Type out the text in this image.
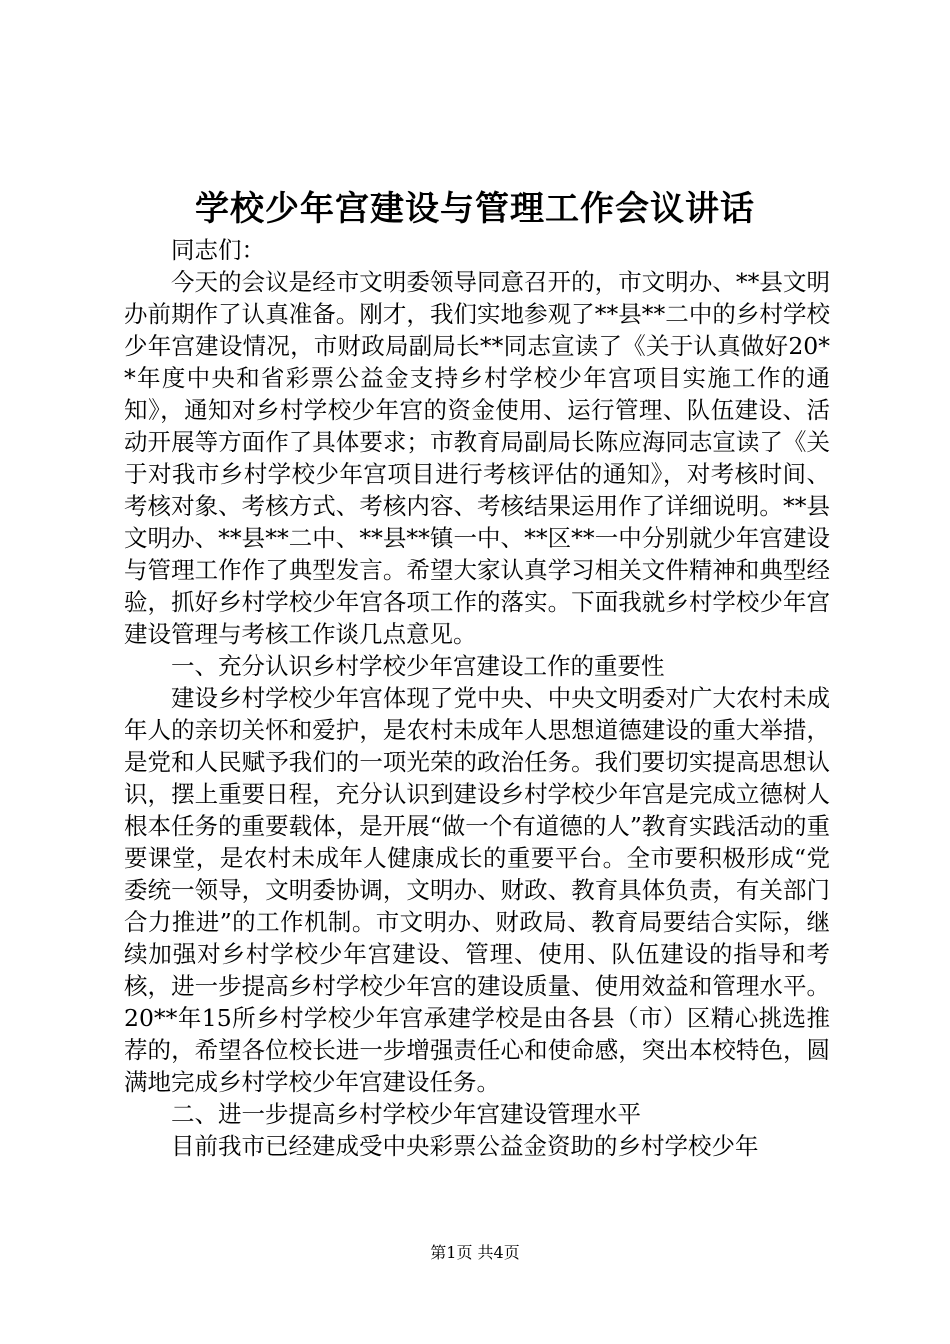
学校少年宫建设与管理工作会议讲话

同志们：

今天的会议是经市文明委领导同意召开的，市文明办、**县文明办前期作了认真准备。刚才，我们实地参观了**县**二中的乡村学校少年宫建设情况，市财政局副局长**同志宣读了《关于认真做好20**年度中央和省彩票公益金支持乡村学校少年宫项目实施工作的通知》，通知对乡村学校少年宫的资金使用、运行管理、队伍建设、活动开展等方面作了具体要求；市教育局副局长陈应海同志宣读了《关于对我市乡村学校少年宫项目进行考核评估的通知》，对考核时间、考核对象、考核方式、考核内容、考核结果运用作了详细说明。**县文明办、**县**二中、**县**镇一中、**区**一中分别就少年宫建设与管理工作作了典型发言。希望大家认真学习相关文件精神和典型经验，抓好乡村学校少年宫各项工作的落实。下面我就乡村学校少年宫建设管理与考核工作谈几点意见。

一、充分认识乡村学校少年宫建设工作的重要性

建设乡村学校少年宫体现了党中央、中央文明委对广大农村未成年人的亲切关怀和爱护，是农村未成年人思想道德建设的重大举措，是党和人民赋予我们的一项光荣的政治任务。我们要切实提高思想认识，摆上重要日程，充分认识到建设乡村学校少年宫是完成立德树人根本任务的重要载体，是开展“做一个有道德的人”教育实践活动的重要课堂，是农村未成年人健康成长的重要平台。全市要积极形成“党委统一领导，文明委协调，文明办、财政、教育具体负责，有关部门合力推进”的工作机制。市文明办、财政局、教育局要结合实际，继续加强对乡村学校少年宫建设、管理、使用、队伍建设的指导和考核，进一步提高乡村学校少年宫的建设质量、使用效益和管理水平。20**年15所乡村学校少年宫承建学校是由各县（市）区精心挑选推荐的，希望各位校长进一步增强责任心和使命感，突出本校特色，圆满地完成乡村学校少年宫建设任务。

二、进一步提高乡村学校少年宫建设管理水平

目前我市已经建成受中央彩票公益金资助的乡村学校少年

第1页 共4页
